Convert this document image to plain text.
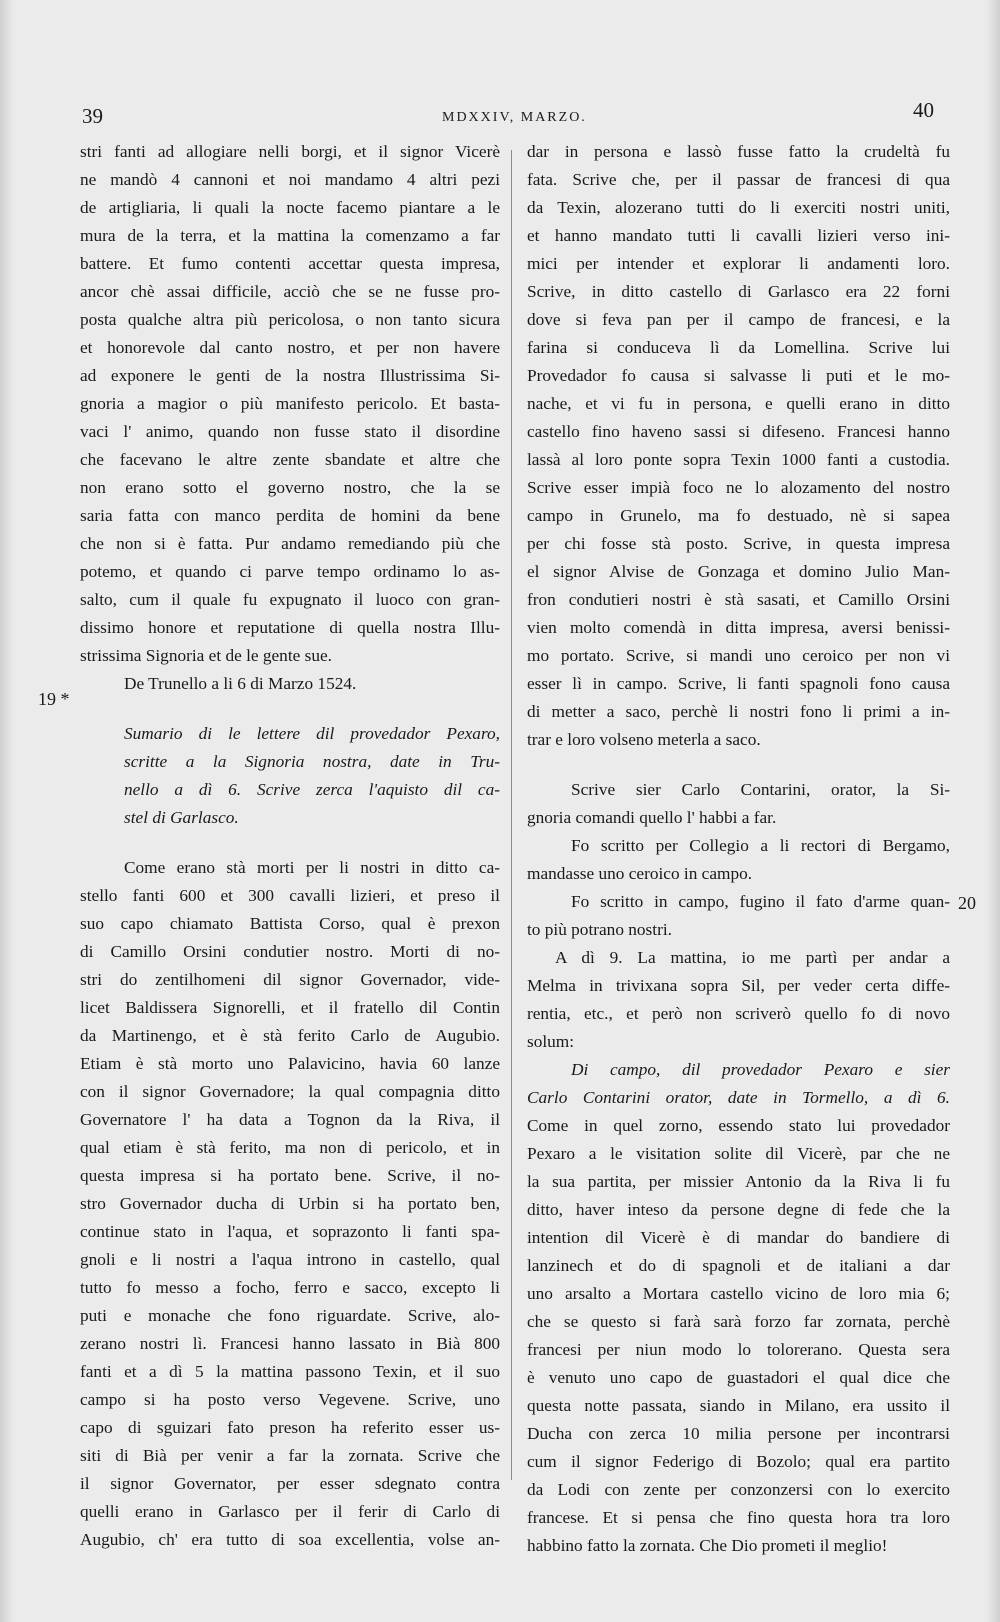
39	MDXXIV, MARZO.	40
19 *
20
stri fanti ad allogiare nelli borgi, et il signor Vicerè
ne mandò 4 cannoni et noi mandamo 4 altri pezi
de artigliaria, li quali la nocte facemo piantare a le
mura de la terra, et la mattina la comenzamo a far
battere. Et fumo contenti accettar questa impresa,
ancor chè assai difficile, acciò che se ne fusse pro-
posta qualche altra più pericolosa, o non tanto sicura
et honorevole dal canto nostro, et per non havere
ad exponere le genti de la nostra Illustrissima Si-
gnoria a magior o più manifesto pericolo. Et basta-
vaci l' animo, quando non fusse stato il disordine
che facevano le altre zente sbandate et altre che
non erano sotto el governo nostro, che la se
saria fatta con manco perdita de homini da bene
che non si è fatta. Pur andamo remediando più che
potemo, et quando ci parve tempo ordinamo lo as-
salto, cum il quale fu expugnato il luoco con gran-
dissimo honore et reputatione di quella nostra Illu-
strissima Signoria et de le gente sue.
De Trunello a li 6 di Marzo 1524.
Sumario di le lettere dil provedador Pexaro,
scritte a la Signoria nostra, date in Tru-
nello a dì 6. Scrive zerca l'aquisto dil ca-
stel di Garlasco.
Come erano stà morti per li nostri in ditto ca-
stello fanti 600 et 300 cavalli lizieri, et preso il
suo capo chiamato Battista Corso, qual è prexon
di Camillo Orsini condutier nostro. Morti di no-
stri do zentilhomeni dil signor Governador, vide-
licet Baldissera Signorelli, et il fratello dil Contin
da Martinengo, et è stà ferito Carlo de Augubio.
Etiam è stà morto uno Palavicino, havia 60 lanze
con il signor Governadore; la qual compagnia ditto
Governatore l' ha data a Tognon da la Riva, il
qual etiam è stà ferito, ma non di pericolo, et in
questa impresa si ha portato bene. Scrive, il no-
stro Governador ducha di Urbin si ha portato ben,
continue stato in l'aqua, et soprazonto li fanti spa-
gnoli e li nostri a l'aqua introno in castello, qual
tutto fo messo a focho, ferro e sacco, excepto li
puti e monache che fono riguardate. Scrive, alo-
zerano nostri lì. Francesi hanno lassato in Bià 800
fanti et a dì 5 la mattina passono Texin, et il suo
campo si ha posto verso Vegevene. Scrive, uno
capo di sguizari fato preson ha referito esser us-
siti di Bià per venir a far la zornata. Scrive che
il signor Governator, per esser sdegnato contra
quelli erano in Garlasco per il ferir di Carlo di
Augubio, ch' era tutto di soa excellentia, volse an-
dar in persona e lassò fusse fatto la crudeltà fu
fata. Scrive che, per il passar de francesi di qua
da Texin, alozerano tutti do li exerciti nostri uniti,
et hanno mandato tutti li cavalli lizieri verso ini-
mici per intender et explorar li andamenti loro.
Scrive, in ditto castello di Garlasco era 22 forni
dove si feva pan per il campo de francesi, e la
farina si conduceva lì da Lomellina. Scrive lui
Provedador fo causa si salvasse li puti et le mo-
nache, et vi fu in persona, e quelli erano in ditto
castello fino haveno sassi si difeseno. Francesi hanno
lassà al loro ponte sopra Texin 1000 fanti a custodia.
Scrive esser impià foco ne lo alozamento del nostro
campo in Grunelo, ma fo destuado, nè si sapea
per chi fosse stà posto. Scrive, in questa impresa
el signor Alvise de Gonzaga et domino Julio Man-
fron condutieri nostri è stà sasati, et Camillo Orsini
vien molto comendà in ditta impresa, aversi benissi-
mo portato. Scrive, si mandi uno ceroico per non vi
esser lì in campo. Scrive, li fanti spagnoli fono causa
di metter a saco, perchè li nostri fono li primi a in-
trar e loro volseno meterla a saco.
Scrive sier Carlo Contarini, orator, la Si-
gnoria comandi quello l' habbi a far.
Fo scritto per Collegio a li rectori di Bergamo,
mandasse uno ceroico in campo.
Fo scritto in campo, fugino il fato d'arme quan-
to più potrano nostri.
A dì 9. La mattina, io me partì per andar a
Melma in trivixana sopra Sil, per veder certa diffe-
rentia, etc., et però non scriverò quello fo di novo
solum:
Di campo, dil provedador Pexaro e sier
Carlo Contarini orator, date in Tormello, a dì 6.
Come in quel zorno, essendo stato lui provedador
Pexaro a le visitation solite dil Vicerè, par che ne
la sua partita, per missier Antonio da la Riva li fu
ditto, haver inteso da persone degne di fede che la
intention dil Vicerè è di mandar do bandiere di
lanzinech et do di spagnoli et de italiani a dar
uno arsalto a Mortara castello vicino de loro mia 6;
che se questo si farà sarà forzo far zornata, perchè
francesi per niun modo lo tolorerano. Questa sera
è venuto uno capo de guastadori el qual dice che
questa notte passata, siando in Milano, era ussito il
Ducha con zerca 10 milia persone per incontrarsi
cum il signor Federigo di Bozolo; qual era partito
da Lodi con zente per conzonzersi con lo exercito
francese. Et si pensa che fino questa hora tra loro
habbino fatto la zornata. Che Dio prometi il meglio!
